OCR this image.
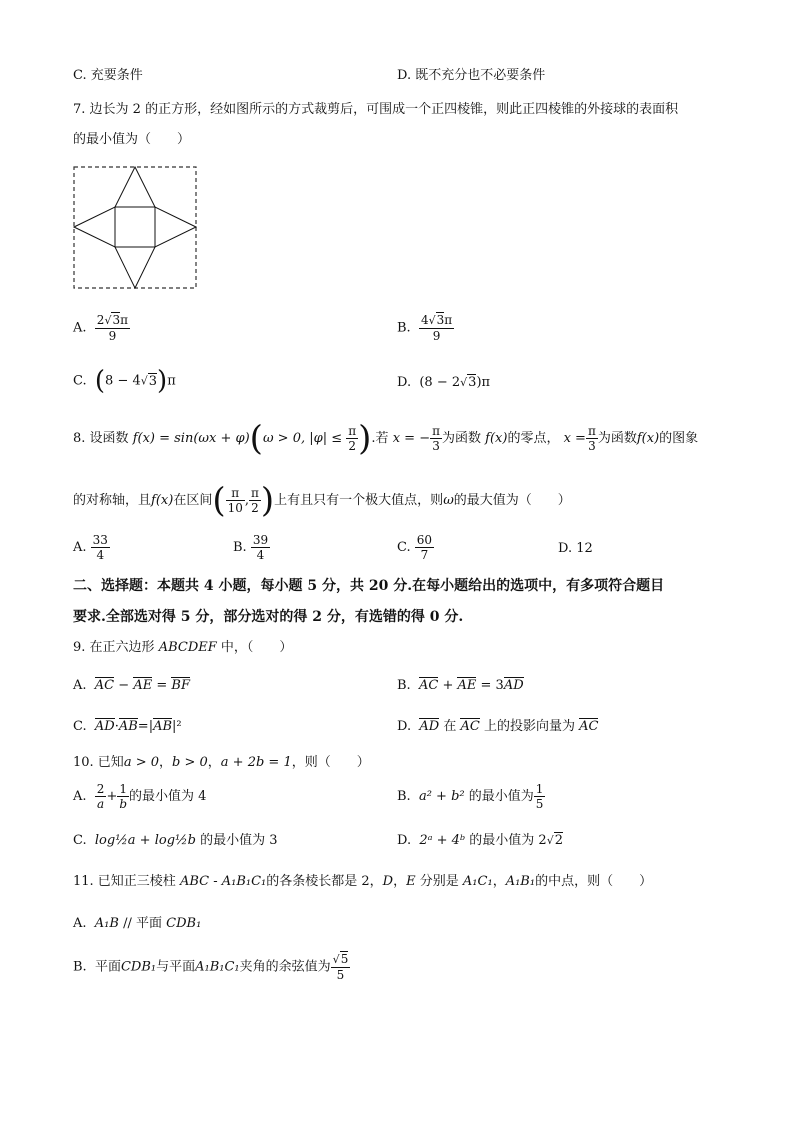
C. 充要条件	D. 既不充分也不必要条件
7. 边长为 2 的正方形，经如图所示的方式裁剪后，可围成一个正四棱锥，则此正四棱锥的外接球的表面积
的最小值为（　　）
A. $\frac{2√3\pi}{9}$	B. $\frac{4√3\pi}{9}$
C. (8 − 4√3)π	D. (8 − 2√3)π
8. 设函数 f(x) = sin(ωx + φ)(ω > 0, $|\varphi| \le \frac{\pi}{2}$ ).若 x = − $\frac{\pi}{3}$ 为函数 f(x)的零点， $x = \frac{\pi}{3}$ 为函数f(x)的图象
的对称轴，且f(x)在区间( $\frac{\pi}{10}$ , $\frac{\pi}{2}$ )上有且只有一个极大值点，则ω的最大值为（　　）
A. $\frac{33}{4}$	B. $\frac{39}{4}$	C. $\frac{60}{7}$	D. 12
二、选择题：本题共 4 小题，每小题 5 分，共 20 分.在每小题给出的选项中，有多项符合题目
要求.全部选对得 5 分，部分选对的得 2 分，有选错的得 0 分.
9. 在正六边形 ABCDEF 中，（　　）
A. AC − AE = BF	B. AC + AE = 3AD
C. AD·AB=|AB|²	D. AD 在 AC 上的投影向量为 AC
10. 已知a > 0，b > 0，a + 2b = 1，则（　　）
A. $\frac{2}{a} + \frac{1}{b}$ 的最小值为 4	B. a² + b² 的最小值为 $\frac{1}{5}$
C. log½a + log½b 的最小值为 3	D. 2ᵃ + 4ᵇ 的最小值为 2√2
11. 已知正三棱柱 ABC - A₁B₁C₁的各条棱长都是 2，D，E 分别是 A₁C₁，A₁B₁的中点，则（　　）
A. A₁B // 平面 CDB₁
B. 平面CDB₁与平面A₁B₁C₁夹角的余弦值为 $\frac{√5}{5}$
